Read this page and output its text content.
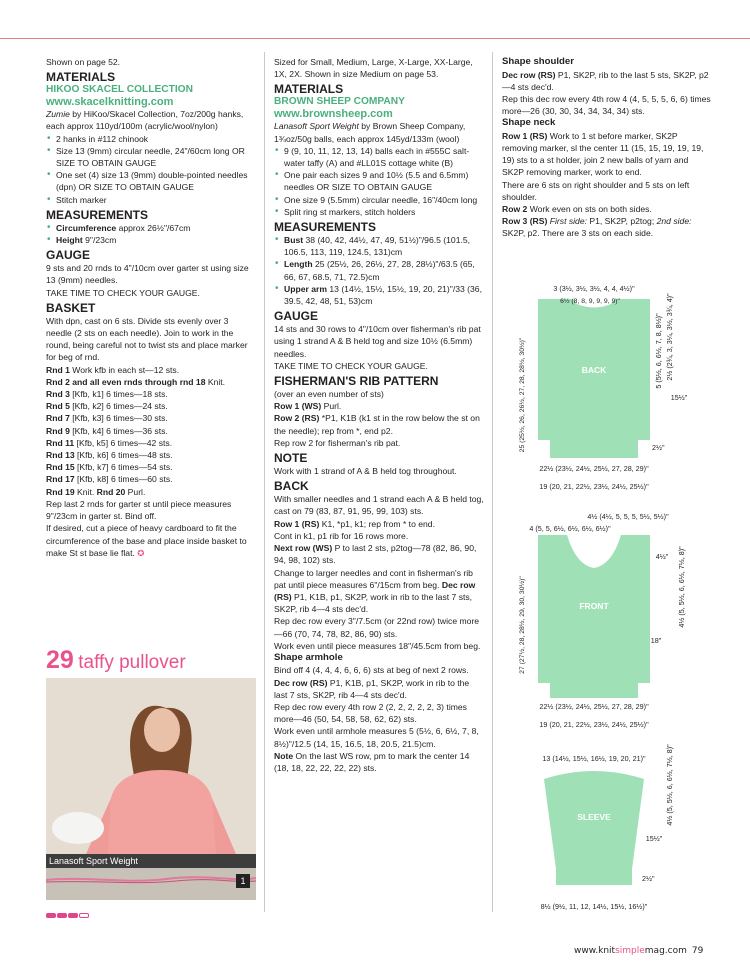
Shown on page 52.

MATERIALS

HIKOO SKACEL COLLECTION

www.skacelknitting.com

Zumie by HiKoo/Skacel Collection, 7oz/200g hanks, each approx 110yd/100m (acrylic/wool/nylon)

• 2 hanks in #112 chinook

• Size 13 (9mm) circular needle, 24"/60cm long OR SIZE TO OBTAIN GAUGE

• One set (4) size 13 (9mm) double-pointed needles (dpn) OR SIZE TO OBTAIN GAUGE

• Stitch marker

MEASUREMENTS

• Circumference approx 26½"/67cm

• Height 9"/23cm

GAUGE

9 sts and 20 rnds to 4"/10cm over garter st using size 13 (9mm) needles.

TAKE TIME TO CHECK YOUR GAUGE.

BASKET

With dpn, cast on 6 sts. Divide sts evenly over 3 needle (2 sts on each needle). Join to work in the round, being careful not to twist sts and place marker for beg of rnd.

Rnd 1 Work kfb in each st—12 sts.

Rnd 2 and all even rnds through rnd 18 Knit.

Rnd 3 [Kfb, k1] 6 times—18 sts.

Rnd 5 [Kfb, k2] 6 times—24 sts.

Rnd 7 [Kfb, k3] 6 times—30 sts.

Rnd 9 [Kfb, k4] 6 times—36 sts.

Rnd 11 [Kfb, k5] 6 times—42 sts.

Rnd 13 [Kfb, k6] 6 times—48 sts.

Rnd 15 [Kfb, k7] 6 times—54 sts.

Rnd 17 [Kfb, k8] 6 times—60 sts.

Rnd 19 Knit. Rnd 20 Purl.

Rep last 2 rnds for garter st until piece measures 9"/23cm in garter st. Bind off.

If desired, cut a piece of heavy cardboard to fit the circumference of the base and place inside basket to make St st base lie flat. ✪

29 taffy pullover
Lanasoft Sport Weight
1

Sized for Small, Medium, Large, X-Large, XX-Large, 1X, 2X. Shown in size Medium on page 53.

MATERIALS

BROWN SHEEP COMPANY

www.brownsheep.com

Lanasoft Sport Weight by Brown Sheep Company, 1¾oz/50g balls, each approx 145yd/133m (wool)

• 9 (9, 10, 11, 12, 13, 14) balls each in #555C salt-water taffy (A) and #LL01S cottage white (B)

• One pair each sizes 9 and 10½ (5.5 and 6.5mm) needles OR SIZE TO OBTAIN GAUGE

• One size 9 (5.5mm) circular needle, 16"/40cm long

• Split ring st markers, stitch holders

MEASUREMENTS

• Bust 38 (40, 42, 44½, 47, 49, 51½)"/96.5 (101.5, 106.5, 113, 119, 124.5, 131)cm

• Length 25 (25½, 26, 26½, 27, 28, 28½)"/63.5 (65, 66, 67, 68.5, 71, 72.5)cm

• Upper arm 13 (14½, 15½, 15½, 19, 20, 21)"/33 (36, 39.5, 42, 48, 51, 53)cm

GAUGE

14 sts and 30 rows to 4"/10cm over fisherman's rib pat using 1 strand A & B held tog and size 10½ (6.5mm) needles.

TAKE TIME TO CHECK YOUR GAUGE.

FISHERMAN'S RIB PATTERN

(over an even number of sts)

Row 1 (WS) Purl.

Row 2 (RS) *P1, K1B (k1 st in the row below the st on the needle); rep from *, end p2.

Rep row 2 for fisherman's rib pat.

NOTE

Work with 1 strand of A & B held tog throughout.

BACK

With smaller needles and 1 strand each A & B held tog, cast on 79 (83, 87, 91, 95, 99, 103) sts.

Row 1 (RS) K1, *p1, k1; rep from * to end.

Cont in k1, p1 rib for 16 rows more.

Next row (WS) P to last 2 sts, p2tog—78 (82, 86, 90, 94, 98, 102) sts.

Change to larger needles and cont in fisherman's rib pat until piece measures 6"/15cm from beg. Dec row (RS) P1, K1B, p1, SK2P, work in rib to the last 7 sts, SK2P, rib 4—4 sts dec'd.

Rep dec row every 3"/7.5cm (or 22nd row) twice more—66 (70, 74, 78, 82, 86, 90) sts.

Work even until piece measures 18"/45.5cm from beg.

Shape armhole

Bind off 4 (4, 4, 4, 6, 6, 6) sts at beg of next 2 rows. Dec row (RS) P1, K1B, p1, SK2P, work in rib to the last 7 sts, SK2P, rib 4—4 sts dec'd.

Rep dec row every 4th row 2 (2, 2, 2, 2, 2, 3) times more—46 (50, 54, 58, 58, 62, 62) sts.

Work even until armhole measures 5 (5½, 6, 6½, 7, 8, 8½)"/12.5 (14, 15, 16.5, 18, 20.5, 21.5)cm.

Note On the last WS row, pm to mark the center 14 (18, 18, 22, 22, 22, 22) sts.

Shape shoulder

Dec row (RS) P1, SK2P, rib to the last 5 sts, SK2P, p2—4 sts dec'd.

Rep this dec row every 4th row 4 (4, 5, 5, 5, 6, 6) times more—26 (30, 30, 34, 34, 34, 34) sts.

Shape neck

Row 1 (RS) Work to 1 st before marker, SK2P removing marker, sl the center 11 (15, 15, 19, 19, 19, 19) sts to a st holder, join 2 new balls of yarn and SK2P removing marker, work to end.

There are 6 sts on right shoulder and 5 sts on left shoulder.

Row 2 Work even on sts on both sides.

Row 3 (RS) First side: P1, SK2P, p2tog; 2nd side: SK2P, p2. There are 3 sts on each side.

BACK
3 (3½, 3½, 3½, 4, 4, 4½)"
6½ (8, 8, 9, 9, 9, 9)"
25 (25½, 26, 26½, 27, 28, 28½, 30½)"	5 (5½, 6, 6½, 7, 8, 8½)" 2½ (2¾, 3, 3¼, 3½, 3¾, 4)"
15½"
2½"
22½ (23½, 24½, 25½, 27, 28, 29)"
19 (20, 21, 22½, 23½, 24½, 25½)"
FRONT
4½ (4½, 5, 5, 5, 5½, 5½)"
4 (5, 5, 6½, 6½, 6½, 6½)"
4½" 4½ (5, 5½, 6, 6½, 7½, 8)"
18"
27 (27½, 28, 28½, 29, 30, 30½)"
22½ (23½, 24½, 25½, 27, 28, 29)"
19 (20, 21, 22½, 23½, 24½, 25½)"
SLEEVE
13 (14½, 15½, 16½, 19, 20, 21)"	4½ (5, 5½, 6, 6½, 7½, 8)"
15½"
2½"
8½ (9½, 11, 12, 14½, 15½, 16½)"
www.knitsimplemag.com 79
